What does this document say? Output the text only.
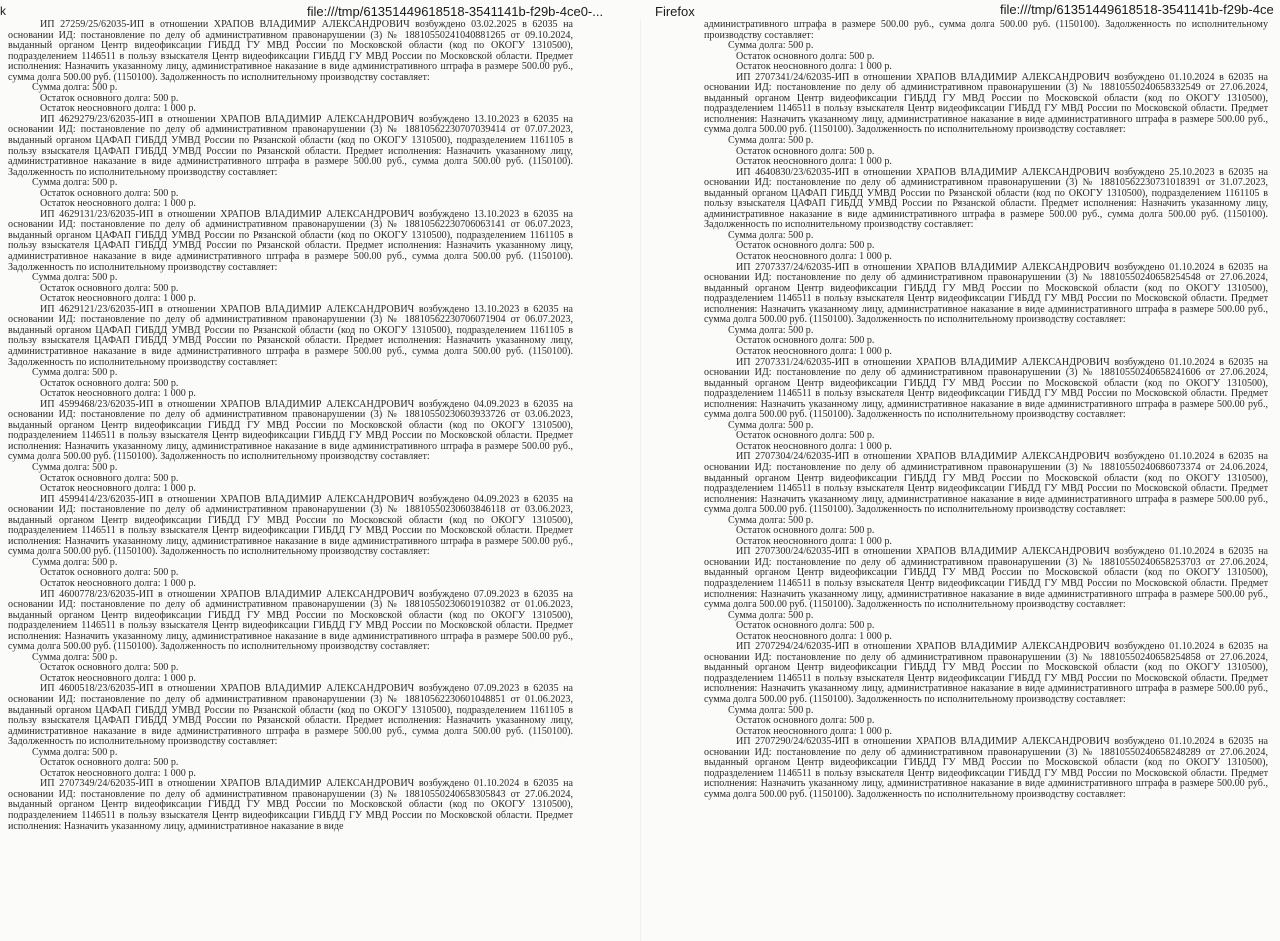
k	file:///tmp/61351449618518-3541141b-f29b-4ce0-...	Firefox	file:///tmp/61351449618518-3541141b-f29b-4ce

ИП 27259/25/62035-ИП в отношении ХРАПОВ ВЛАДИМИР АЛЕКСАНДРОВИЧ возбуждено 03.02.2025 в 62035 на основании ИД: постановление по делу об административном правонарушении (3) № 18810550241040881265 от 09.10.2024, выданный органом Центр видеофиксации ГИБДД ГУ МВД России по Московской области (код по ОКОГУ 1310500), подразделением 1146511 в пользу взыскателя Центр видеофиксации ГИБДД ГУ МВД России по Московской области. Предмет исполнения: Назначить указанному лицу, административное наказание в виде административного штрафа в размере 500.00 руб., сумма долга 500.00 руб. (1150100). Задолженность по исполнительному производству составляет:

Сумма долга: 500 р.
Остаток основного долга: 500 р.
Остаток неосновного долга: 1 000 р.

ИП 4629279/23/62035-ИП в отношении ХРАПОВ ВЛАДИМИР АЛЕКСАНДРОВИЧ возбуждено 13.10.2023 в 62035 на основании ИД: постановление по делу об административном правонарушении (3) № 18810562230707039414 от 07.07.2023, выданный органом ЦАФАП ГИБДД УМВД России по Рязанской области (код по ОКОГУ 1310500), подразделением 1161105 в пользу взыскателя ЦАФАП ГИБДД УМВД России по Рязанской области. Предмет исполнения: Назначить указанному лицу, административное наказание в виде административного штрафа в размере 500.00 руб., сумма долга 500.00 руб. (1150100). Задолженность по исполнительному производству составляет:

Сумма долга: 500 р.
Остаток основного долга: 500 р.
Остаток неосновного долга: 1 000 р.

ИП 4629131/23/62035-ИП в отношении ХРАПОВ ВЛАДИМИР АЛЕКСАНДРОВИЧ возбуждено 13.10.2023 в 62035 на основании ИД: постановление по делу об административном правонарушении (3) № 18810562230706063141 от 06.07.2023, выданный органом ЦАФАП ГИБДД УМВД России по Рязанской области (код по ОКОГУ 1310500), подразделением 1161105 в пользу взыскателя ЦАФАП ГИБДД УМВД России по Рязанской области. Предмет исполнения: Назначить указанному лицу, административное наказание в виде административного штрафа в размере 500.00 руб., сумма долга 500.00 руб. (1150100). Задолженность по исполнительному производству составляет:

Сумма долга: 500 р.
Остаток основного долга: 500 р.
Остаток неосновного долга: 1 000 р.

ИП 4629121/23/62035-ИП в отношении ХРАПОВ ВЛАДИМИР АЛЕКСАНДРОВИЧ возбуждено 13.10.2023 в 62035 на основании ИД: постановление по делу об административном правонарушении (3) № 18810562230706071904 от 06.07.2023, выданный органом ЦАФАП ГИБДД УМВД России по Рязанской области (код по ОКОГУ 1310500), подразделением 1161105 в пользу взыскателя ЦАФАП ГИБДД УМВД России по Рязанской области. Предмет исполнения: Назначить указанному лицу, административное наказание в виде административного штрафа в размере 500.00 руб., сумма долга 500.00 руб. (1150100). Задолженность по исполнительному производству составляет:

Сумма долга: 500 р.
Остаток основного долга: 500 р.
Остаток неосновного долга: 1 000 р.

ИП 4599468/23/62035-ИП в отношении ХРАПОВ ВЛАДИМИР АЛЕКСАНДРОВИЧ возбуждено 04.09.2023 в 62035 на основании ИД: постановление по делу об административном правонарушении (3) № 18810550230603933726 от 03.06.2023, выданный органом Центр видеофиксации ГИБДД ГУ МВД России по Московской области (код по ОКОГУ 1310500), подразделением 1146511 в пользу взыскателя Центр видеофиксации ГИБДД ГУ МВД России по Московской области. Предмет исполнения: Назначить указанному лицу, административное наказание в виде административного штрафа в размере 500.00 руб., сумма долга 500.00 руб. (1150100). Задолженность по исполнительному производству составляет:

Сумма долга: 500 р.
Остаток основного долга: 500 р.
Остаток неосновного долга: 1 000 р.

ИП 4599414/23/62035-ИП в отношении ХРАПОВ ВЛАДИМИР АЛЕКСАНДРОВИЧ возбуждено 04.09.2023 в 62035 на основании ИД: постановление по делу об административном правонарушении (3) № 18810550230603846118 от 03.06.2023, выданный органом Центр видеофиксации ГИБДД ГУ МВД России по Московской области (код по ОКОГУ 1310500), подразделением 1146511 в пользу взыскателя Центр видеофиксации ГИБДД ГУ МВД России по Московской области. Предмет исполнения: Назначить указанному лицу, административное наказание в виде административного штрафа в размере 500.00 руб., сумма долга 500.00 руб. (1150100). Задолженность по исполнительному производству составляет:

Сумма долга: 500 р.
Остаток основного долга: 500 р.
Остаток неосновного долга: 1 000 р.

ИП 4600778/23/62035-ИП в отношении ХРАПОВ ВЛАДИМИР АЛЕКСАНДРОВИЧ возбуждено 07.09.2023 в 62035 на основании ИД: постановление по делу об административном правонарушении (3) № 18810550230601910382 от 01.06.2023, выданный органом Центр видеофиксации ГИБДД ГУ МВД России по Московской области (код по ОКОГУ 1310500), подразделением 1146511 в пользу взыскателя Центр видеофиксации ГИБДД ГУ МВД России по Московской области. Предмет исполнения: Назначить указанному лицу, административное наказание в виде административного штрафа в размере 500.00 руб., сумма долга 500.00 руб. (1150100). Задолженность по исполнительному производству составляет:

Сумма долга: 500 р.
Остаток основного долга: 500 р.
Остаток неосновного долга: 1 000 р.

ИП 4600518/23/62035-ИП в отношении ХРАПОВ ВЛАДИМИР АЛЕКСАНДРОВИЧ возбуждено 07.09.2023 в 62035 на основании ИД: постановление по делу об административном правонарушении (3) № 18810562230601048851 от 01.06.2023, выданный органом ЦАФАП ГИБДД УМВД России по Рязанской области (код по ОКОГУ 1310500), подразделением 1161105 в пользу взыскателя ЦАФАП ГИБДД УМВД России по Рязанской области. Предмет исполнения: Назначить указанному лицу, административное наказание в виде административного штрафа в размере 500.00 руб., сумма долга 500.00 руб. (1150100). Задолженность по исполнительному производству составляет:

Сумма долга: 500 р.
Остаток основного долга: 500 р.
Остаток неосновного долга: 1 000 р.

ИП 2707349/24/62035-ИП в отношении ХРАПОВ ВЛАДИМИР АЛЕКСАНДРОВИЧ возбуждено 01.10.2024 в 62035 на основании ИД: постановление по делу об административном правонарушении (3) № 18810550240658305843 от 27.06.2024, выданный органом Центр видеофиксации ГИБДД ГУ МВД России по Московской области (код по ОКОГУ 1310500), подразделением 1146511 в пользу взыскателя Центр видеофиксации ГИБДД ГУ МВД России по Московской области. Предмет исполнения: Назначить указанному лицу, административное наказание в виде

административного штрафа в размере 500.00 руб., сумма долга 500.00 руб. (1150100). Задолженность по исполнительному производству составляет:

Сумма долга: 500 р.
Остаток основного долга: 500 р.
Остаток неосновного долга: 1 000 р.

ИП 2707341/24/62035-ИП в отношении ХРАПОВ ВЛАДИМИР АЛЕКСАНДРОВИЧ возбуждено 01.10.2024 в 62035 на основании ИД: постановление по делу об административном правонарушении (3) № 18810550240658332549 от 27.06.2024, выданный органом Центр видеофиксации ГИБДД ГУ МВД России по Московской области (код по ОКОГУ 1310500), подразделением 1146511 в пользу взыскателя Центр видеофиксации ГИБДД ГУ МВД России по Московской области. Предмет исполнения: Назначить указанному лицу, административное наказание в виде административного штрафа в размере 500.00 руб., сумма долга 500.00 руб. (1150100). Задолженность по исполнительному производству составляет:

Сумма долга: 500 р.
Остаток основного долга: 500 р.
Остаток неосновного долга: 1 000 р.

ИП 4640830/23/62035-ИП в отношении ХРАПОВ ВЛАДИМИР АЛЕКСАНДРОВИЧ возбуждено 25.10.2023 в 62035 на основании ИД: постановление по делу об административном правонарушении (3) № 18810562230731018391 от 31.07.2023, выданный органом ЦАФАП ГИБДД УМВД России по Рязанской области (код по ОКОГУ 1310500), подразделением 1161105 в пользу взыскателя ЦАФАП ГИБДД УМВД России по Рязанской области. Предмет исполнения: Назначить указанному лицу, административное наказание в виде административного штрафа в размере 500.00 руб., сумма долга 500.00 руб. (1150100). Задолженность по исполнительному производству составляет:

Сумма долга: 500 р.
Остаток основного долга: 500 р.
Остаток неосновного долга: 1 000 р.

ИП 2707337/24/62035-ИП в отношении ХРАПОВ ВЛАДИМИР АЛЕКСАНДРОВИЧ возбуждено 01.10.2024 в 62035 на основании ИД: постановление по делу об административном правонарушении (3) № 18810550240658254548 от 27.06.2024, выданный органом Центр видеофиксации ГИБДД ГУ МВД России по Московской области (код по ОКОГУ 1310500), подразделением 1146511 в пользу взыскателя Центр видеофиксации ГИБДД ГУ МВД России по Московской области. Предмет исполнения: Назначить указанному лицу, административное наказание в виде административного штрафа в размере 500.00 руб., сумма долга 500.00 руб. (1150100). Задолженность по исполнительному производству составляет:

Сумма долга: 500 р.
Остаток основного долга: 500 р.
Остаток неосновного долга: 1 000 р.

ИП 2707331/24/62035-ИП в отношении ХРАПОВ ВЛАДИМИР АЛЕКСАНДРОВИЧ возбуждено 01.10.2024 в 62035 на основании ИД: постановление по делу об административном правонарушении (3) № 18810550240658241606 от 27.06.2024, выданный органом Центр видеофиксации ГИБДД ГУ МВД России по Московской области (код по ОКОГУ 1310500), подразделением 1146511 в пользу взыскателя Центр видеофиксации ГИБДД ГУ МВД России по Московской области. Предмет исполнения: Назначить указанному лицу, административное наказание в виде административного штрафа в размере 500.00 руб., сумма долга 500.00 руб. (1150100). Задолженность по исполнительному производству составляет:

Сумма долга: 500 р.
Остаток основного долга: 500 р.
Остаток неосновного долга: 1 000 р.

ИП 2707304/24/62035-ИП в отношении ХРАПОВ ВЛАДИМИР АЛЕКСАНДРОВИЧ возбуждено 01.10.2024 в 62035 на основании ИД: постановление по делу об административном правонарушении (3) № 18810550240686073374 от 24.06.2024, выданный органом Центр видеофиксации ГИБДД ГУ МВД России по Московской области (код по ОКОГУ 1310500), подразделением 1146511 в пользу взыскателя Центр видеофиксации ГИБДД ГУ МВД России по Московской области. Предмет исполнения: Назначить указанному лицу, административное наказание в виде административного штрафа в размере 500.00 руб., сумма долга 500.00 руб. (1150100). Задолженность по исполнительному производству составляет:

Сумма долга: 500 р.
Остаток основного долга: 500 р.
Остаток неосновного долга: 1 000 р.

ИП 2707300/24/62035-ИП в отношении ХРАПОВ ВЛАДИМИР АЛЕКСАНДРОВИЧ возбуждено 01.10.2024 в 62035 на основании ИД: постановление по делу об административном правонарушении (3) № 18810550240658253703 от 27.06.2024, выданный органом Центр видеофиксации ГИБДД ГУ МВД России по Московской области (код по ОКОГУ 1310500), подразделением 1146511 в пользу взыскателя Центр видеофиксации ГИБДД ГУ МВД России по Московской области. Предмет исполнения: Назначить указанному лицу, административное наказание в виде административного штрафа в размере 500.00 руб., сумма долга 500.00 руб. (1150100). Задолженность по исполнительному производству составляет:

Сумма долга: 500 р.
Остаток основного долга: 500 р.
Остаток неосновного долга: 1 000 р.

ИП 2707294/24/62035-ИП в отношении ХРАПОВ ВЛАДИМИР АЛЕКСАНДРОВИЧ возбуждено 01.10.2024 в 62035 на основании ИД: постановление по делу об административном правонарушении (3) № 18810550240658254858 от 27.06.2024, выданный органом Центр видеофиксации ГИБДД ГУ МВД России по Московской области (код по ОКОГУ 1310500), подразделением 1146511 в пользу взыскателя Центр видеофиксации ГИБДД ГУ МВД России по Московской области. Предмет исполнения: Назначить указанному лицу, административное наказание в виде административного штрафа в размере 500.00 руб., сумма долга 500.00 руб. (1150100). Задолженность по исполнительному производству составляет:

Сумма долга: 500 р.
Остаток основного долга: 500 р.
Остаток неосновного долга: 1 000 р.

ИП 2707290/24/62035-ИП в отношении ХРАПОВ ВЛАДИМИР АЛЕКСАНДРОВИЧ возбуждено 01.10.2024 в 62035 на основании ИД: постановление по делу об административном правонарушении (3) № 18810550240658248289 от 27.06.2024, выданный органом Центр видеофиксации ГИБДД ГУ МВД России по Московской области (код по ОКОГУ 1310500), подразделением 1146511 в пользу взыскателя Центр видеофиксации ГИБДД ГУ МВД России по Московской области. Предмет исполнения: Назначить указанному лицу, административное наказание в виде административного штрафа в размере 500.00 руб., сумма долга 500.00 руб. (1150100). Задолженность по исполнительному производству составляет:
